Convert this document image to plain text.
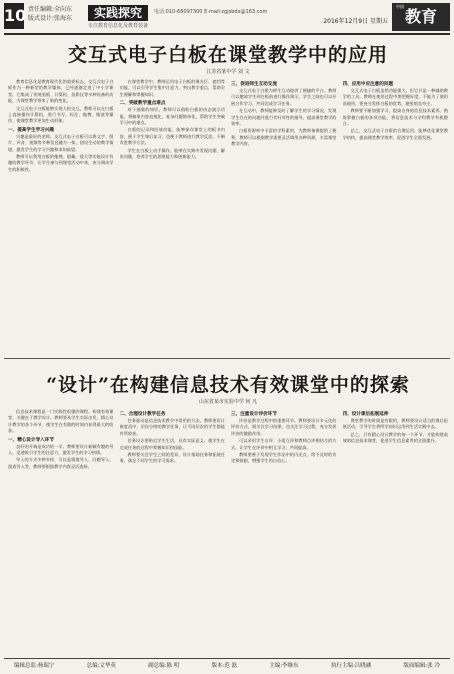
10 责任编辑:全向东
版式设计:张海东	实践探究
专注教育信息化及教育装备
电话:010-66097300 E-mail:zgjsbdx@163.com
2016年12月9日 星期五	教育
中国
交互式电子白板在课堂教学中的应用
江苏省某中学 刘 文

教育信息化是教育现代化的重要标志，交互式电子白板作为一种新型的教学媒体，已经逐渐走进了中小学课堂。它集成了传统黑板、计算机、投影仪等多种设备的功能，为课堂教学带来了新的变化。

交互式电子白板能够实现人机交互，教师可以在白板上直接操作计算机，进行书写、标注、拖拽、缩放等操作，使课堂教学更加生动形象。

一、提高学生学习兴趣

兴趣是最好的老师。交互式电子白板可以将文字、图片、声音、视频等多种信息融为一体，创设生动的教学情境，激发学生的学习兴趣和求知欲望。

教师可以利用白板的拖拽、隐藏、放大等功能设计有趣的教学环节，让学生参与到课堂活动中来，充分调动学生的积极性。

在课堂教学中，教师运用电子白板的聚光灯、遮挡等功能，可以引导学生集中注意力，突出教学重点，帮助学生理解和掌握知识。

二、突破教学重点难点

对于抽象的知识，教师可以借助白板的动态演示功能，将抽象内容直观化、复杂问题简单化，帮助学生突破学习中的难点。

白板的记录和回放功能，能够保存课堂上的板书内容，便于学生课后复习，也便于教师进行教学反思，不断改进教学方法。

学生在白板上动手操作，能够在实践中发现问题、解决问题，培养学生的思维能力和创新能力。

三、促进师生互动交流

交互式电子白板为师生互动提供了便捷的平台。教师可以邀请学生到白板前进行操作演示，学生之间也可以开展合作学习，共同完成学习任务。

在互动中，教师能够及时了解学生的学习情况，发现学生存在的问题并进行有针对性的指导，提高课堂教学的效率。

白板资源库中丰富的学科素材，为教师备课提供了便利，教师可以根据教学需要灵活调用各种资源，丰富课堂教学内容。

四、应用中应注意的问题

交互式电子白板虽然功能强大，但它只是一种辅助教学的工具。教师在使用过程中要把握好度，不能为了使用而使用，要充分发挥白板的优势，避免喧宾夺主。

教师要不断加强学习，提高自身的信息技术素养，熟练掌握白板的各项功能，将信息技术与学科教学有机整合。

总之，交互式电子白板的合理运用，能够优化课堂教学结构，提高课堂教学效率，促进学生全面发展。

“设计”在构建信息技术有效课堂中的探索
山东省某市实验中学 何 凡

信息技术课程是一门实践性很强的课程。构建有效课堂，关键在于教学设计。教师要从学生实际出发，精心设计教学的各个环节，使学生在有限的时间内获得最大的收获。

一、精心设计导入环节

良好的开端是成功的一半。教师要设计新颖有趣的导入，迅速吸引学生的注意力，激发学生的学习热情。

导入的方式多种多样，可以是情境导入、问题导入、游戏导入等，教师要根据教学内容灵活选择。

二、合理设计教学任务

任务驱动是信息技术教学中常用的方法。教师要设计难度适中、层次分明的教学任务，让不同层次的学生都能有所收获。

任务设计要贴近学生生活，具有实际意义，使学生在完成任务的过程中掌握知识和技能。

教师要关注学生之间的差异，设计基础任务和拓展任务，满足不同学生的学习需求。

三、注重设计评价环节

评价是教学过程中的重要环节。教师要设计多元化的评价方式，既关注学习结果，也关注学习过程，充分发挥评价的激励作用。

可以采用学生自评、小组互评和教师点评相结合的方式，让学生在评价中相互学习、共同提高。

教师要善于发现学生作品中的闪光点，给予及时的肯定和鼓励，增强学生的自信心。

四、设计课后拓展延伸

课堂教学的时间是有限的，教师要设计适当的课后拓展活动，引导学生将所学知识运用到生活实践中去。

总之，只有精心设计教学的每一个环节，才能构建高效的信息技术课堂，促进学生信息素养的全面提升。

编辑总监:杨瑞宁	总编:文华英	副总编:陈 明	版本:范 磊	主编:李继东	执行主编:吕晓涵	版面编辑:张 冷
